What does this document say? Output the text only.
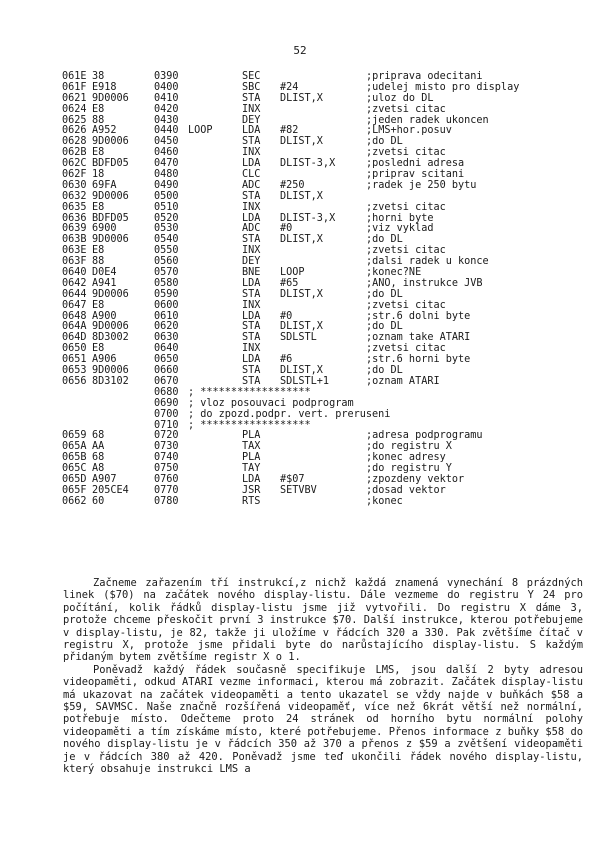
52
061E 38	0390	SEC	;priprava odecitani
061F E918	0400	SBC #24	;udelej misto pro display
0621 9D0006 0410	STA DLIST,X	;uloz do DL
0624 E8	0420	INX	;zvetsi citac
0625 88	0430	DEY	;jeden radek ukoncen
0626 A952	0440 LOOP	LDA #82	;LMS+hor.posuv
0628 9D0006 0450	STA DLIST,X	;do DL
062B E8	0460	INX	;zvetsi citac
062C BDFD05 0470	LDA DLIST-3,X	;posledni adresa
062F 18	0480	CLC	;priprav scitani
0630 69FA	0490	ADC #250	;radek je 250 bytu
0632 9D0006 0500	STA DLIST,X
0635 E8	0510	INX	;zvetsi citac
0636 BDFD05 0520	LDA DLIST-3,X	;horni byte
0639 6900	0530	ADC #0	;viz vyklad
063B 9D0006 0540	STA DLIST,X	;do DL
063E E8	0550	INX	;zvetsi citac
063F 88	0560	DEY	;dalsi radek u konce
0640 D0E4	0570	BNE LOOP	;konec?NE
0642 A941	0580	LDA #65	;ANO, instrukce JVB
0644 9D0006 0590	STA DLIST,X	;do DL
0647 E8	0600	INX	;zvetsi citac
0648 A900	0610	LDA #0	;str.6 dolni byte
064A 9D0006 0620	STA DLIST,X	;do DL
064D 8D3002 0630	STA SDLSTL	;oznam take ATARI
0650 E8	0640	INX	;zvetsi citac
0651 A906	0650	LDA #6	;str.6 horni byte
0653 9D0006 0660	STA DLIST,X	;do DL
0656 8D3102 0670	STA SDLSTL+1	;oznam ATARI
0680 ; ******************
0690 ; vloz posouvaci podprogram
0700 ; do zpozd.podpr. vert. preruseni
0710 ; ******************
0659 68	0720	PLA	;adresa podprogramu
065A AA	0730	TAX	;do registru X
065B 68	0740	PLA	;konec adresy
065C A8	0750	TAY	;do registru Y
065D A907	0760	LDA #$07	;zpozdeny vektor
065F 205CE4 0770	JSR SETVBV	;dosad vektor
0662 60	0780	RTS	;konec

Začneme zařazením tří instrukcí,z nichž každá znamená vynechání 8 prázdných linek ($70) na začátek nového display-listu. Dále vezmeme do registru Y 24 pro počítání, kolik řádků display-listu jsme již vytvořili. Do registru X dáme 3, protože chceme přeskočit první 3 instrukce $70. Další instrukce, kterou potřebujeme v display-listu, je 82, takže ji uložíme v řádcích 320 a 330. Pak zvětšíme čítač v registru X, protože jsme přidali byte do narůstajícího display-listu. S každým přidaným bytem zvětšíme registr X o 1.

Poněvadž každý řádek současně specifikuje LMS, jsou další 2 byty adresou videopaměti, odkud ATARI vezme informaci, kterou má zobrazit. Začátek display-listu má ukazovat na začátek videopaměti a tento ukazatel se vždy najde v buňkách $58 a $59, SAVMSC. Naše značně rozšířená videopaměť, více než 6krát větší než normální, potřebuje místo. Odečteme proto 24 stránek od horního bytu normální polohy videopaměti a tím získáme místo, které potřebujeme. Přenos informace z buňky $58 do nového display-listu je v řádcích 350 až 370 a přenos z $59 a zvětšení videopaměti je v řádcích 380 až 420. Poněvadž jsme teď ukončili řádek nového display-listu, který obsahuje instrukci LMS a
